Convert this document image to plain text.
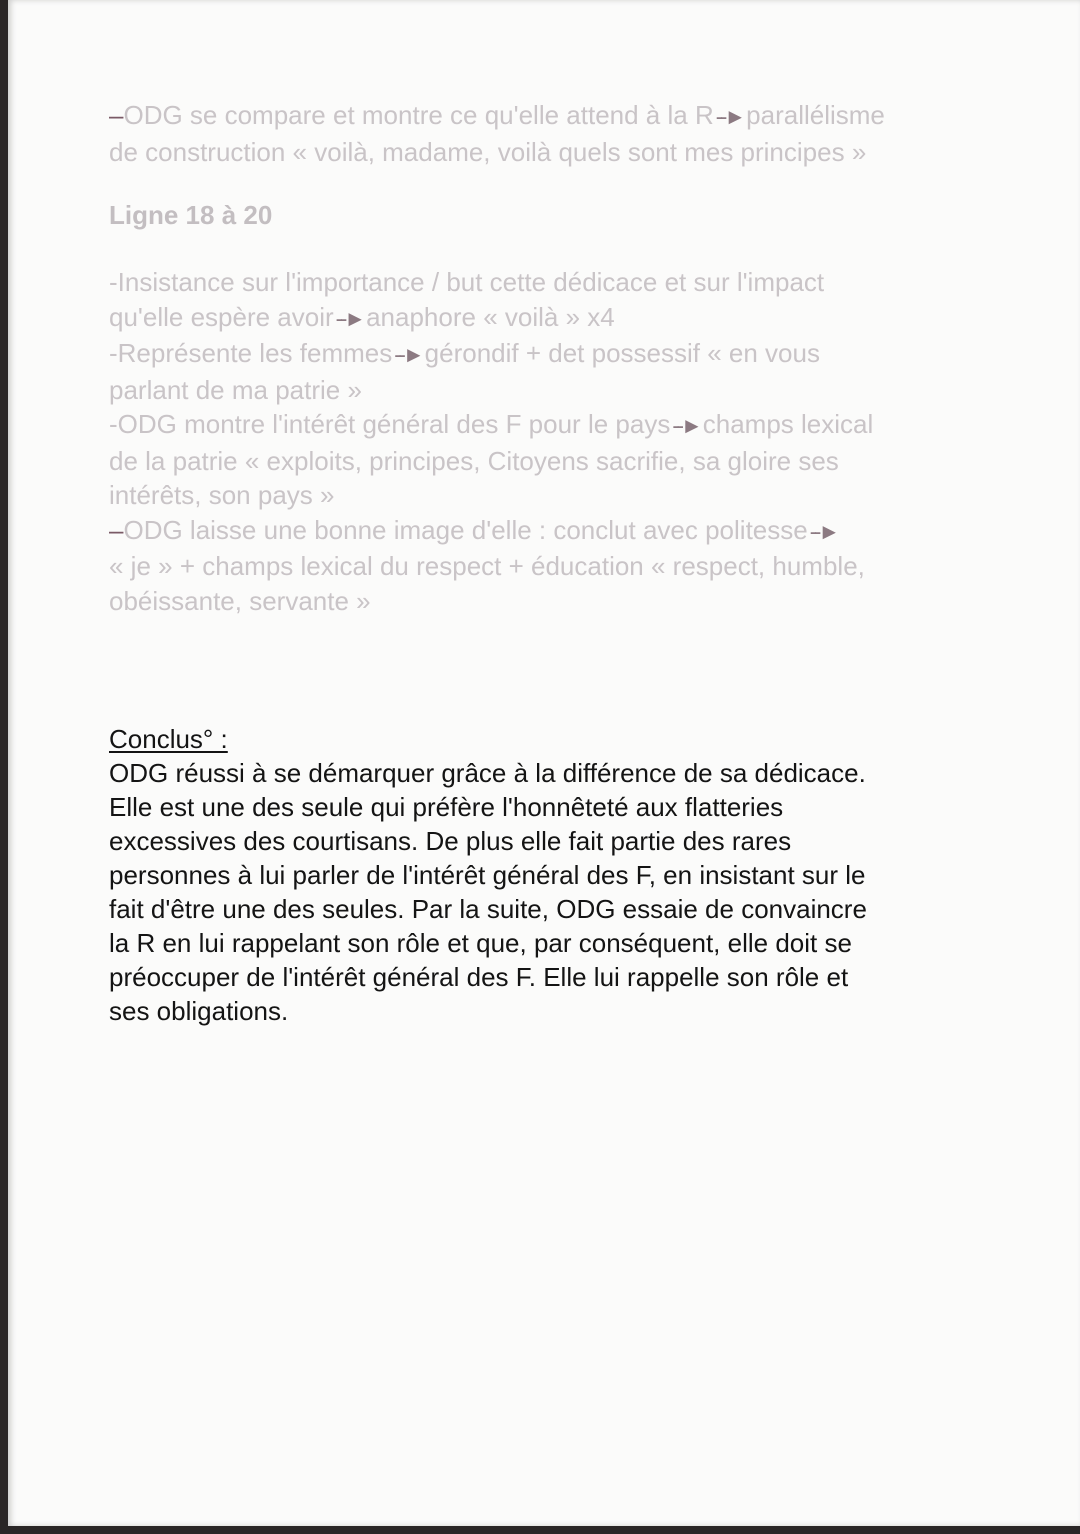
–ODG se compare et montre ce qu'elle attend à la R--► parallélisme
de construction « voilà, madame, voilà quels sont mes principes »
Ligne 18 à 20
-Insistance sur l'importance / but cette dédicace et sur l'impact
qu'elle espère avoir--► anaphore « voilà » x4
-Représente les femmes--► gérondif + det possessif « en vous
parlant de ma patrie »
-ODG montre l'intérêt général des F pour le pays--► champs lexical
de la patrie « exploits, principes, Citoyens sacrifie, sa gloire ses
intérêts, son pays »
–ODG laisse une bonne image d'elle : conclut avec politesse--►
« je » + champs lexical du respect + éducation « respect, humble,
obéissante, servante »
Conclus° :
ODG réussi à se démarquer grâce à la différence de sa dédicace.
Elle est une des seule qui préfère l'honnêteté aux flatteries
excessives des courtisans. De plus elle fait partie des rares
personnes à lui parler de l'intérêt général des F, en insistant sur le
fait d'être une des seules. Par la suite, ODG essaie de convaincre
la R en lui rappelant son rôle et que, par conséquent, elle doit se
préoccuper de l'intérêt général des F. Elle lui rappelle son rôle et
ses obligations.
